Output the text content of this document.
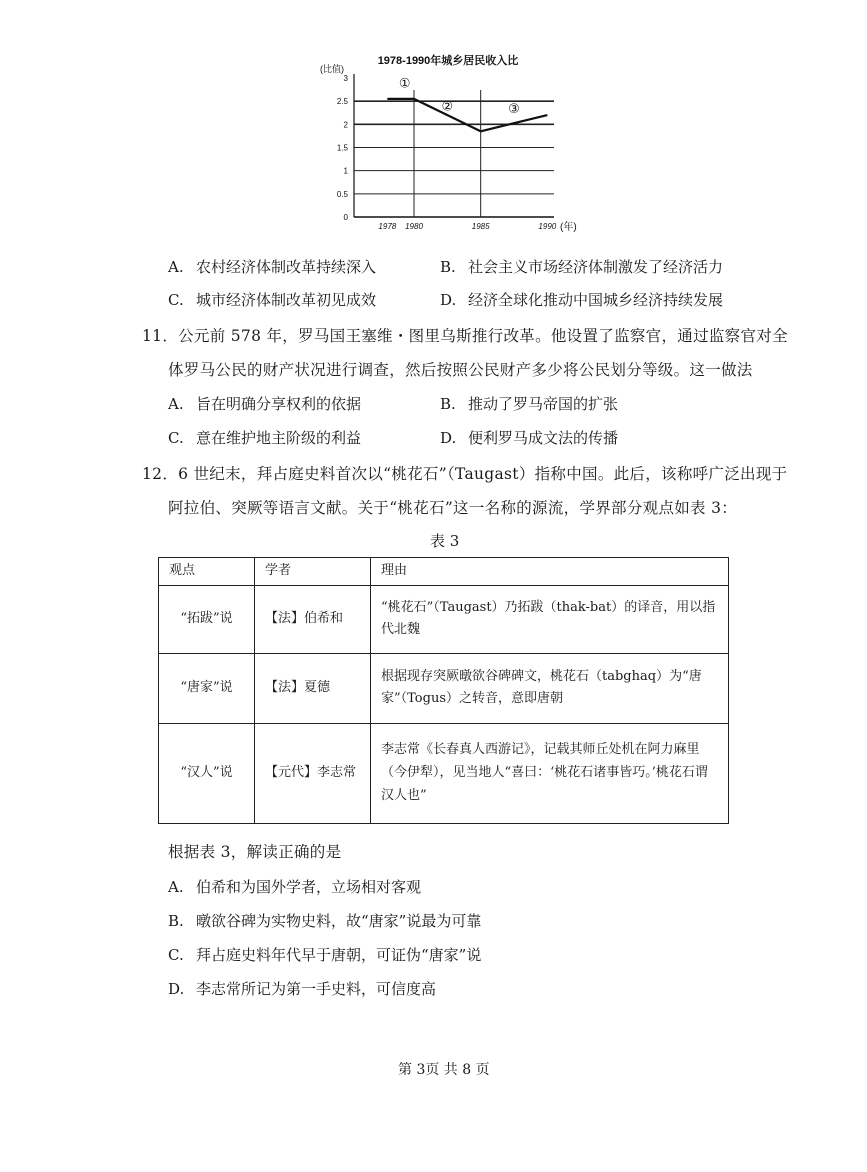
1978-1990年城乡居民收入比
(比值)
(年)
0
0.5
1
1.5
2
2.5
3
1978 1980	1985	1990
①
②	③
A. 农村经济体制改革持续深入	B. 社会主义市场经济体制激发了经济活力
C. 城市经济体制改革初见成效	D. 经济全球化推动中国城乡经济持续发展
11．公元前 578 年，罗马国王塞维・图里乌斯推行改革。他设置了监察官，通过监察官对全
体罗马公民的财产状况进行调查，然后按照公民财产多少将公民划分等级。这一做法
A. 旨在明确分享权利的依据	B. 推动了罗马帝国的扩张
C. 意在维护地主阶级的利益	D. 便利罗马成文法的传播
12．6 世纪末，拜占庭史料首次以“桃花石”（Taugast）指称中国。此后，该称呼广泛出现于
阿拉伯、突厥等语言文献。关于“桃花石”这一名称的源流，学界部分观点如表 3：
表 3
观点	学者	理由
“拓跋”说	【法】伯希和	“桃花石”（Taugast）乃拓跋（thak-bat）的译音，用以指代北魏
“唐家”说	【法】夏德	根据现存突厥暾欲谷碑碑文，桃花石（tabghaq）为“唐家”（Togus）之转音，意即唐朝
“汉人”说	【元代】李志常	李志常《长春真人西游记》，记载其师丘处机在阿力麻里（今伊犁），见当地人“喜曰：‘桃花石诸事皆巧。’桃花石谓汉人也”
根据表 3，解读正确的是
A. 伯希和为国外学者，立场相对客观
B. 暾欲谷碑为实物史料，故“唐家”说最为可靠
C. 拜占庭史料年代早于唐朝，可证伪“唐家”说
D. 李志常所记为第一手史料，可信度高
第 3页 共 8 页
